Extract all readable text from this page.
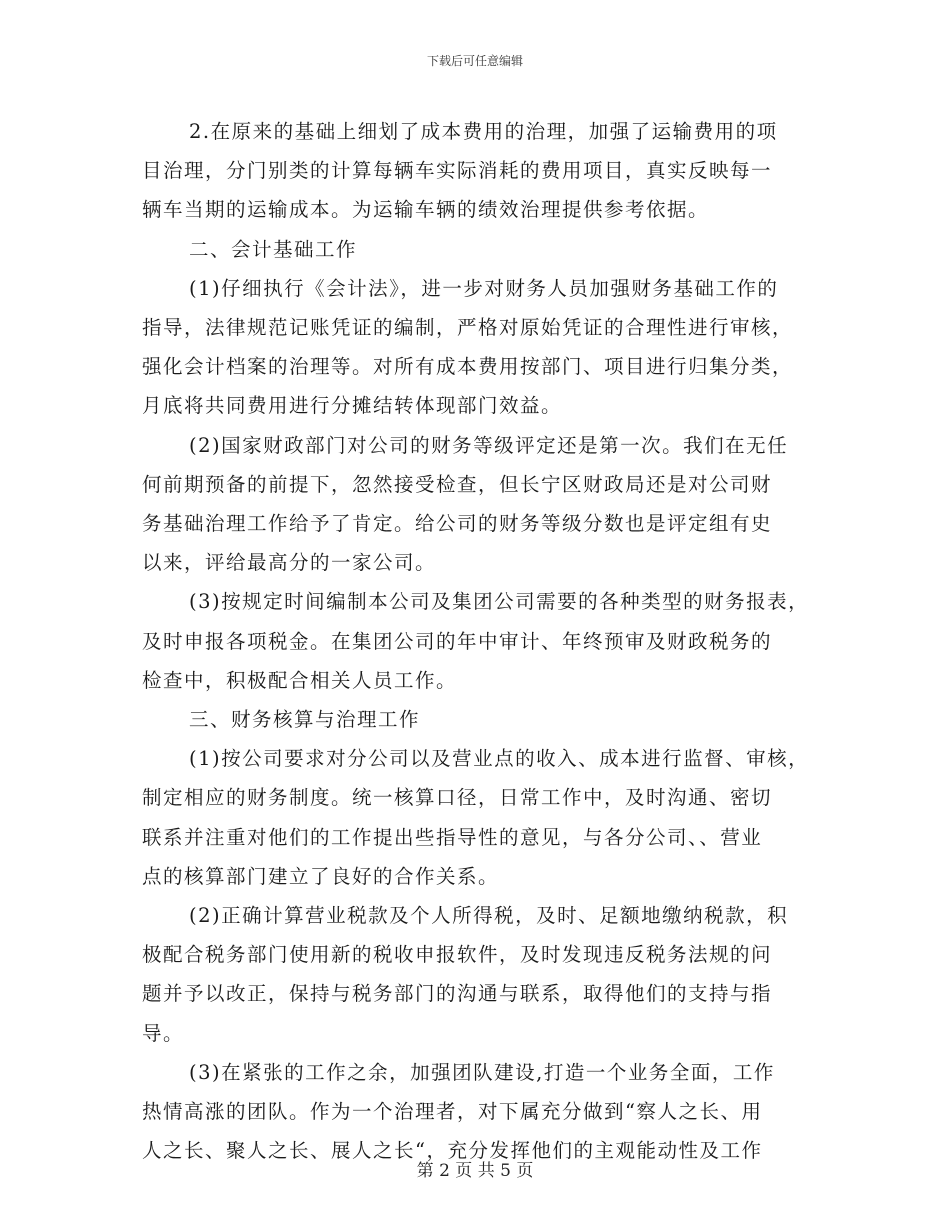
下载后可任意编辑

2.在原来的基础上细划了成本费用的治理，加强了运输费用的项
目治理，分门别类的计算每辆车实际消耗的费用项目，真实反映每一
辆车当期的运输成本。为运输车辆的绩效治理提供参考依据。

二、会计基础工作

(1)仔细执行《会计法》，进一步对财务人员加强财务基础工作的
指导，法律规范记账凭证的编制，严格对原始凭证的合理性进行审核，
强化会计档案的治理等。对所有成本费用按部门、项目进行归集分类，
月底将共同费用进行分摊结转体现部门效益。

(2)国家财政部门对公司的财务等级评定还是第一次。我们在无任
何前期预备的前提下，忽然接受检查，但长宁区财政局还是对公司财
务基础治理工作给予了肯定。给公司的财务等级分数也是评定组有史
以来，评给最高分的一家公司。

(3)按规定时间编制本公司及集团公司需要的各种类型的财务报表，
及时申报各项税金。在集团公司的年中审计、年终预审及财政税务的
检查中，积极配合相关人员工作。

三、财务核算与治理工作

(1)按公司要求对分公司以及营业点的收入、成本进行监督、审核，
制定相应的财务制度。统一核算口径，日常工作中，及时沟通、密切
联系并注重对他们的工作提出些指导性的意见，与各分公司、、营业
点的核算部门建立了良好的合作关系。

(2)正确计算营业税款及个人所得税，及时、足额地缴纳税款，积
极配合税务部门使用新的税收申报软件，及时发现违反税务法规的问
题并予以改正，保持与税务部门的沟通与联系，取得他们的支持与指
导。

(3)在紧张的工作之余，加强团队建设,打造一个业务全面，工作
热情高涨的团队。作为一个治理者，对下属充分做到“察人之长、用
人之长、聚人之长、展人之长“，充分发挥他们的主观能动性及工作

第 2 页 共 5 页
